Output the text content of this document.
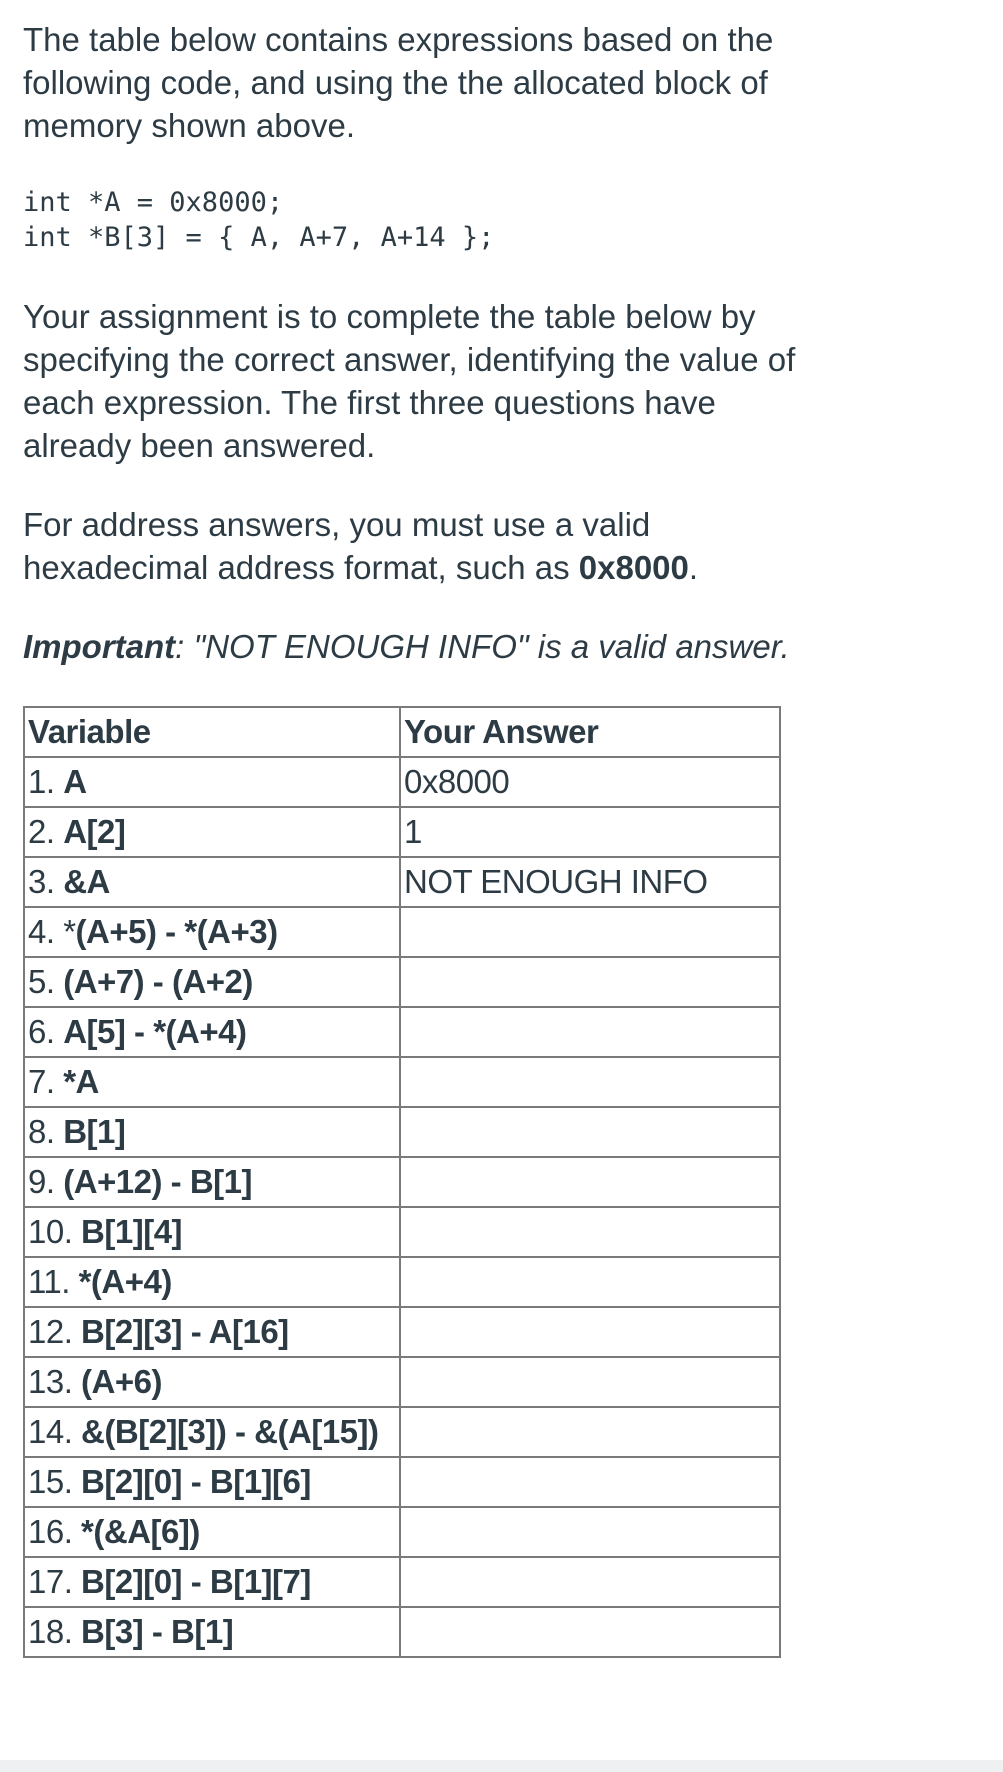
The table below contains expressions based on the following code, and using the the allocated block of memory shown above.

int *A = 0x8000;
int *B[3] = { A, A+7, A+14 };

Your assignment is to complete the table below by specifying the correct answer, identifying the value of each expression. The first three questions have already been answered.

For address answers, you must use a valid hexadecimal address format, such as 0x8000.

Important: "NOT ENOUGH INFO" is a valid answer.

Variable	Your Answer
1. A	0x8000
2. A[2]	1
3. &A	NOT ENOUGH INFO
4. *(A+5) - *(A+3)	
5. (A+7) - (A+2)	
6. A[5] - *(A+4)	
7. *A	
8. B[1]	
9. (A+12) - B[1]	
10. B[1][4]	
11. *(A+4)	
12. B[2][3] - A[16]	
13. (A+6)	
14. &(B[2][3]) - &(A[15])	
15. B[2][0] - B[1][6]	
16. *(&A[6])	
17. B[2][0] - B[1][7]	
18. B[3] - B[1]	
